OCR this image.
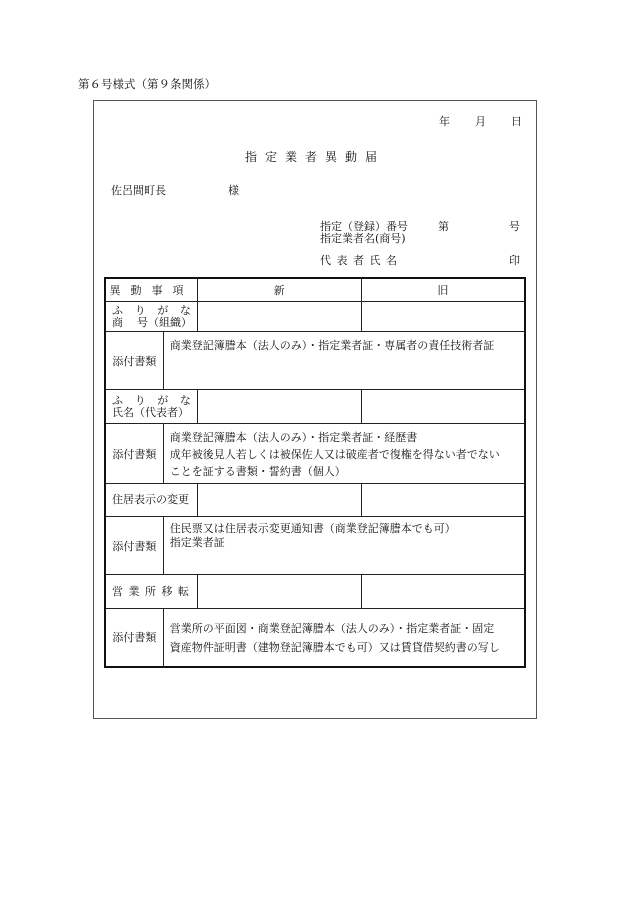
第６号様式（第９条関係）
年 月 日
指定業者異動届
佐呂間町長	様
指定（登録）番号	第	号
指定業者名(商号)
代 表 者 氏 名	印
異動事項		新	旧

ふ り が な
商 号（組織）			

添付書類	商業登記簿謄本（法人のみ）・指定業者証・専属者の責任技術者証		

ふ り が な
氏名（代表者）			

添付書類	商業登記簿謄本（法人のみ）・指定業者証・経歴書
成年被後見人若しくは被保佐人又は破産者で復権を得ない者でない
ことを証する書類・誓約書（個人）		

住居表示の変更			
添付書類	住民票又は住居表示変更通知書（商業登記簿謄本でも可）
指定業者証		

営 業 所 移 転			
添付書類	営業所の平面図・商業登記簿謄本（法人のみ）・指定業者証・固定
資産物件証明書（建物登記簿謄本でも可）又は賃貸借契約書の写し		
